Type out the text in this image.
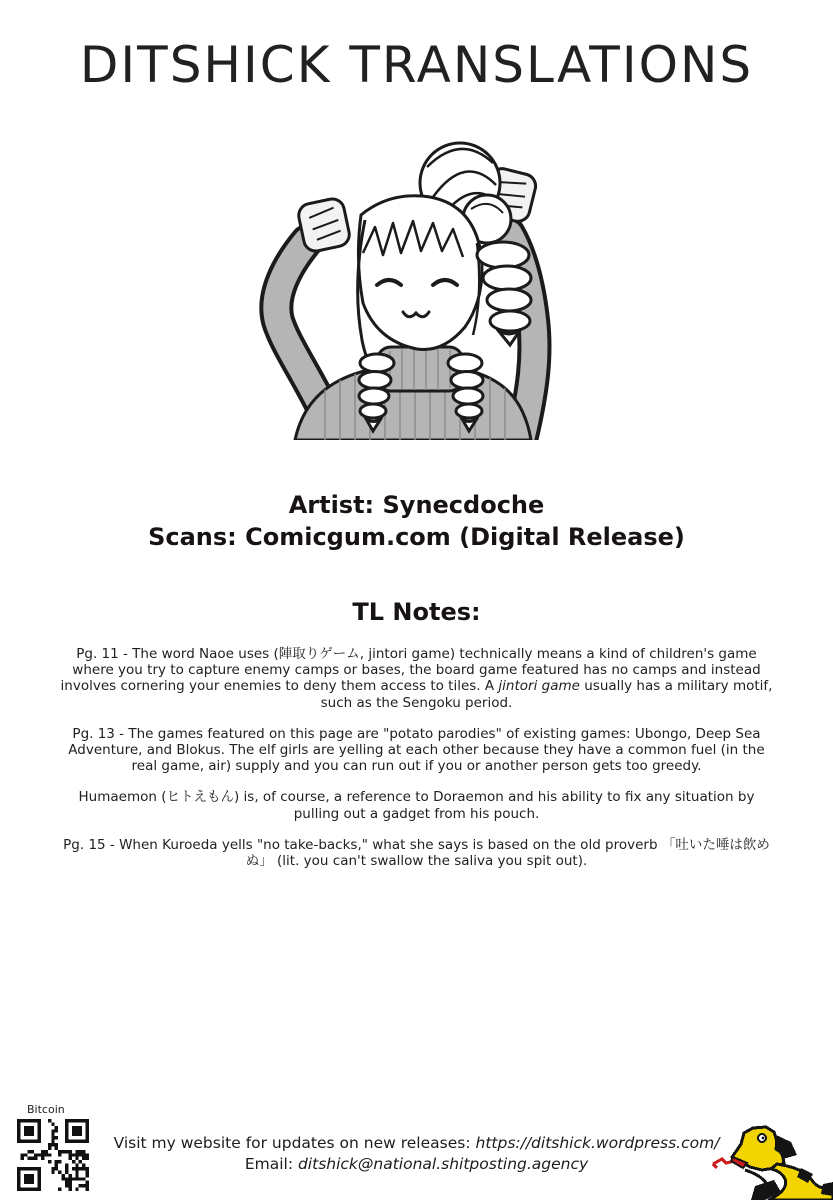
DITSHICK TRANSLATIONS
Artist: Synecdoche
Scans: Comicgum.com (Digital Release)
TL Notes:

Pg. 11 - The word Naoe uses (陣取りゲーム, jintori game) technically means a kind of children's game where you try to capture enemy camps or bases, the board game featured has no camps and instead involves cornering your enemies to deny them access to tiles. A jintori game usually has a military motif, such as the Sengoku period.

Pg. 13 - The games featured on this page are "potato parodies" of existing games: Ubongo, Deep Sea Adventure, and Blokus. The elf girls are yelling at each other because they have a common fuel (in the real game, air) supply and you can run out if you or another person gets too greedy.

Humaemon (ヒトえもん) is, of course, a reference to Doraemon and his ability to fix any situation by pulling out a gadget from his pouch.

Pg. 15 - When Kuroeda yells "no take-backs," what she says is based on the old proverb 「吐いた唾は飲めぬ」 (lit. you can't swallow the saliva you spit out).

Bitcoin
Visit my website for updates on new releases: https://ditshick.wordpress.com/
Email: ditshick@national.shitposting.agency
